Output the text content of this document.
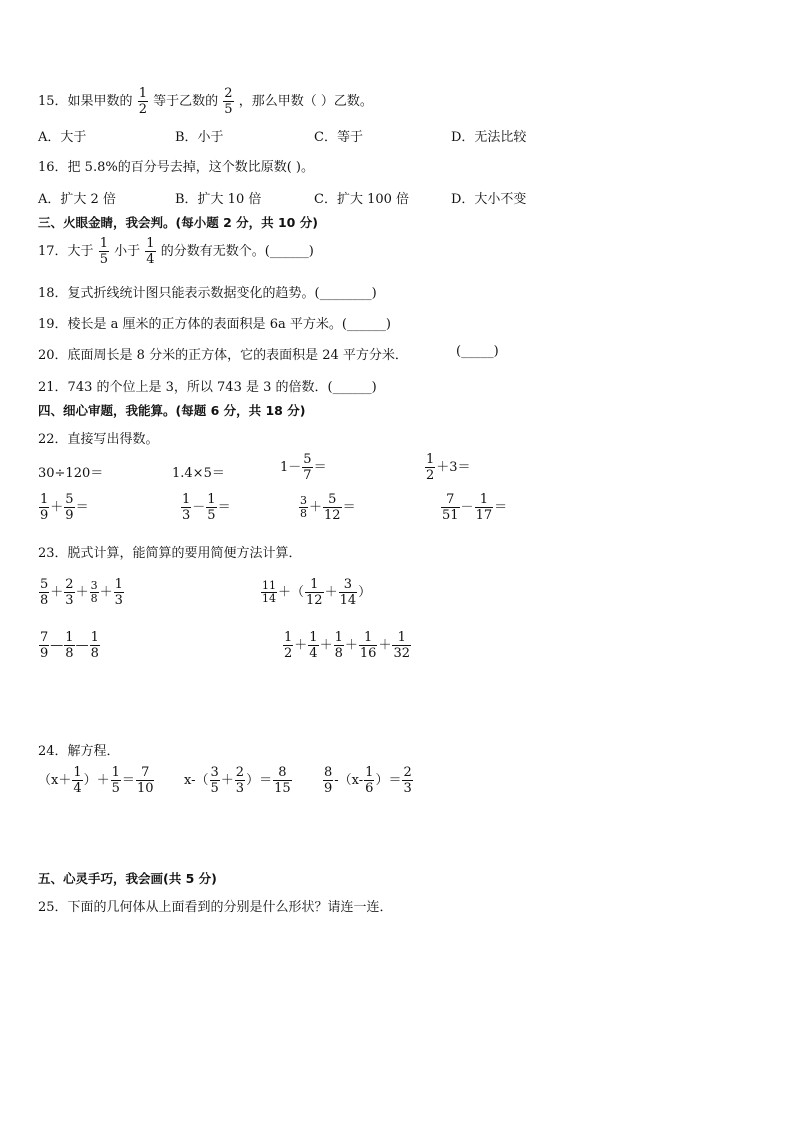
15．如果甲数的 $\frac{1}{2}$ 等于乙数的 $\frac{2}{5}$ ，那么甲数（ ）乙数。
A．大于	B．小于	C．等于	D．无法比较
16．把 5.8%的百分号去掉，这个数比原数( )。
A．扩大 2 倍	B．扩大 10 倍	C．扩大 100 倍	D．大小不变
三、火眼金睛，我会判。(每小题 2 分，共 10 分)
17．大于 $\frac{1}{5}$ 小于 $\frac{1}{4}$ 的分数有无数个。(______)
18．复式折线统计图只能表示数据变化的趋势。(________)
19．棱长是 a 厘米的正方体的表面积是 6a 平方米。(______)
20．底面周长是 8 分米的正方体，它的表面积是 24 平方分米．	(_____)
21．743 的个位上是 3，所以 743 是 3 的倍数．(______)
四、细心审题，我能算。(每题 6 分，共 18 分)
22．直接写出得数。
30÷120＝	1.4×5＝	$1- \frac{5}{7}$ ＝	$\frac{1}{2} +3=$
$\frac{1}{9} + \frac{5}{9}$ ＝	$\frac{1}{3} - \frac{1}{5}$ ＝	$\frac{3}{8} + \frac{5}{12}$ ＝	$\frac{7}{51} - \frac{1}{17}$ ＝
23．脱式计算，能简算的要用简便方法计算．
$\frac{5}{8} + \frac{2}{3} + \frac{3}{8} + \frac{1}{3}$	$\frac{11}{14}$ ＋（ $\frac{1}{12} + \frac{3}{14}$ ）
$\frac{7}{9}$ — $\frac{1}{8}$ — $\frac{1}{8}$	$\frac{1}{2} + \frac{1}{4} + \frac{1}{8} + \frac{1}{16} + \frac{1}{32}$
24．解方程．
（$x+ \frac{1}{4}$ ）＋ $\frac{1}{5} = \frac{7}{10} x-( \frac{3}{5} + \frac{2}{3}$ ）＝ $\frac{8}{15} \frac{8}{9} -(x- \frac{1}{6}$ ）＝ $\frac{2}{3}$
五、心灵手巧，我会画(共 5 分)
25．下面的几何体从上面看到的分别是什么形状？请连一连．
